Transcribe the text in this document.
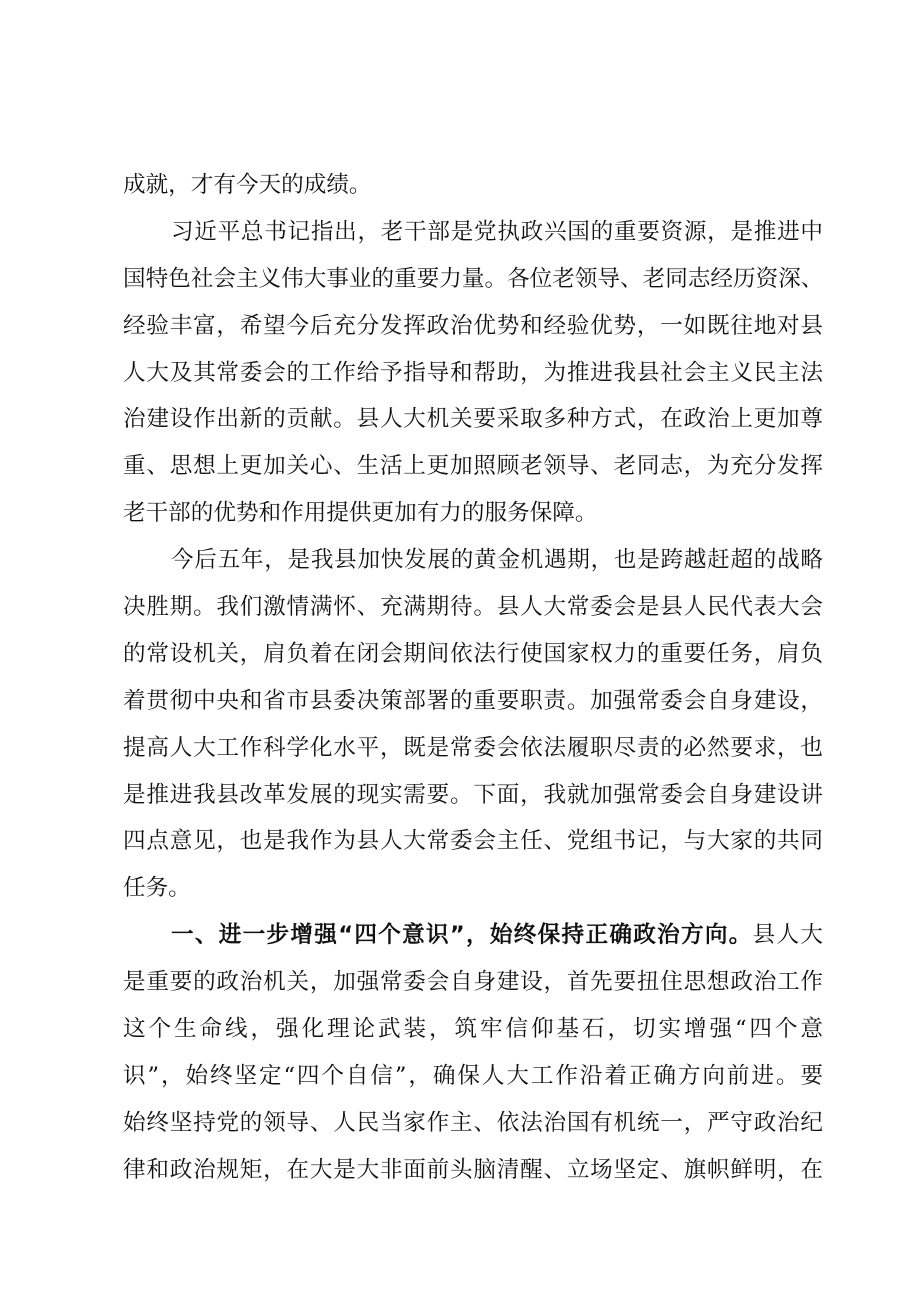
成就，才有今天的成绩。
习近平总书记指出，老干部是党执政兴国的重要资源，是推进中
国特色社会主义伟大事业的重要力量。各位老领导、老同志经历资深、
经验丰富，希望今后充分发挥政治优势和经验优势，一如既往地对县
人大及其常委会的工作给予指导和帮助，为推进我县社会主义民主法
治建设作出新的贡献。县人大机关要采取多种方式，在政治上更加尊
重、思想上更加关心、生活上更加照顾老领导、老同志，为充分发挥
老干部的优势和作用提供更加有力的服务保障。
今后五年，是我县加快发展的黄金机遇期，也是跨越赶超的战略
决胜期。我们激情满怀、充满期待。县人大常委会是县人民代表大会
的常设机关，肩负着在闭会期间依法行使国家权力的重要任务，肩负
着贯彻中央和省市县委决策部署的重要职责。加强常委会自身建设，
提高人大工作科学化水平，既是常委会依法履职尽责的必然要求，也
是推进我县改革发展的现实需要。下面，我就加强常委会自身建设讲
四点意见，也是我作为县人大常委会主任、党组书记，与大家的共同
任务。
一、进一步增强“四个意识”，始终保持正确政治方向。县人大
是重要的政治机关，加强常委会自身建设，首先要扭住思想政治工作
这个生命线，强化理论武装，筑牢信仰基石，切实增强“四个意
识”，始终坚定“四个自信”，确保人大工作沿着正确方向前进。要
始终坚持党的领导、人民当家作主、依法治国有机统一，严守政治纪
律和政治规矩，在大是大非面前头脑清醒、立场坚定、旗帜鲜明，在
